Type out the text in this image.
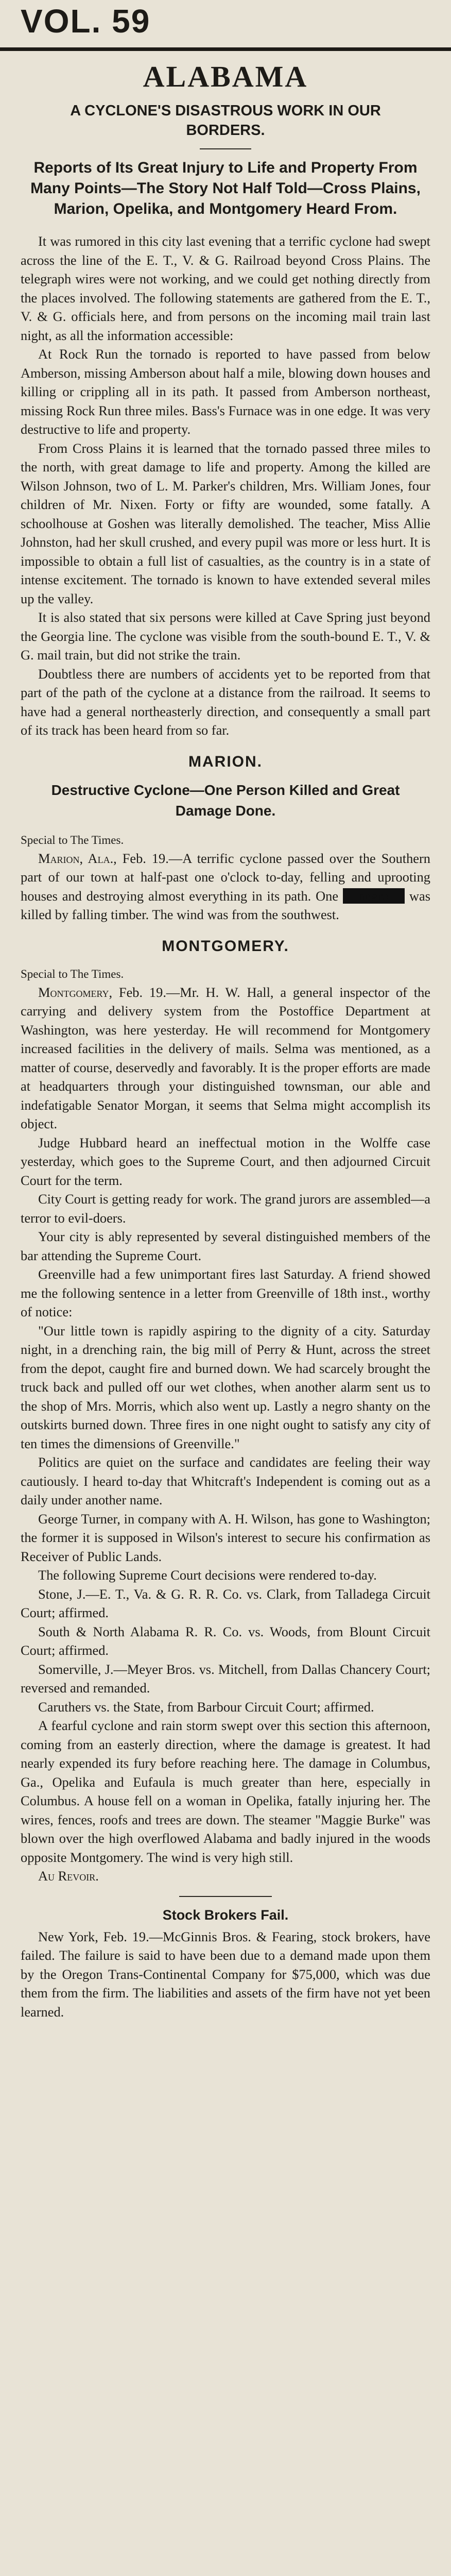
VOL. 59
ALABAMA
A CYCLONE'S DISASTROUS WORK IN OUR BORDERS.
Reports of Its Great Injury to Life and Property From Many Points—The Story Not Half Told—Cross Plains, Marion, Opelika, and Montgomery Heard From.

It was rumored in this city last evening that a terrific cyclone had swept across the line of the E. T., V. & G. Railroad beyond Cross Plains. The telegraph wires were not working, and we could get nothing directly from the places involved. The following statements are gathered from the E. T., V. & G. officials here, and from persons on the incoming mail train last night, as all the information accessible:

At Rock Run the tornado is reported to have passed from below Amberson, missing Amberson about half a mile, blowing down houses and killing or crippling all in its path. It passed from Amberson northeast, missing Rock Run three miles. Bass's Furnace was in one edge. It was very destructive to life and property.

From Cross Plains it is learned that the tornado passed three miles to the north, with great damage to life and property. Among the killed are Wilson Johnson, two of L. M. Parker's children, Mrs. William Jones, four children of Mr. Nixen. Forty or fifty are wounded, some fatally. A schoolhouse at Goshen was literally demolished. The teacher, Miss Allie Johnston, had her skull crushed, and every pupil was more or less hurt. It is impossible to obtain a full list of casualties, as the country is in a state of intense excitement. The tornado is known to have extended several miles up the valley.

It is also stated that six persons were killed at Cave Spring just beyond the Georgia line. The cyclone was visible from the south-bound E. T., V. & G. mail train, but did not strike the train.

Doubtless there are numbers of accidents yet to be reported from that part of the path of the cyclone at a distance from the railroad. It seems to have had a general northeasterly direction, and consequently a small part of its track has been heard from so far.

MARION.
Destructive Cyclone—One Person Killed and Great Damage Done.
Special to The Times.

Marion, Ala., Feb. 19.—A terrific cyclone passed over the Southern part of our town at half-past one o'clock to-day, felling and uprooting houses and destroying almost everything in its path. One negro was killed by falling timber. The wind was from the southwest.

MONTGOMERY.
Special to The Times.

Montgomery, Feb. 19.—Mr. H. W. Hall, a general inspector of the carrying and delivery system from the Postoffice Department at Washington, was here yesterday. He will recommend for Montgomery increased facilities in the delivery of mails. Selma was mentioned, as a matter of course, deservedly and favorably. It is the proper efforts are made at headquarters through your distinguished townsman, our able and indefatigable Senator Morgan, it seems that Selma might accomplish its object.

Judge Hubbard heard an ineffectual motion in the Wolffe case yesterday, which goes to the Supreme Court, and then adjourned Circuit Court for the term.

City Court is getting ready for work. The grand jurors are assembled—a terror to evil-doers.

Your city is ably represented by several distinguished members of the bar attending the Supreme Court.

Greenville had a few unimportant fires last Saturday. A friend showed me the following sentence in a letter from Greenville of 18th inst., worthy of notice:

"Our little town is rapidly aspiring to the dignity of a city. Saturday night, in a drenching rain, the big mill of Perry & Hunt, across the street from the depot, caught fire and burned down. We had scarcely brought the truck back and pulled off our wet clothes, when another alarm sent us to the shop of Mrs. Morris, which also went up. Lastly a negro shanty on the outskirts burned down. Three fires in one night ought to satisfy any city of ten times the dimensions of Greenville."

Politics are quiet on the surface and candidates are feeling their way cautiously. I heard to-day that Whitcraft's Independent is coming out as a daily under another name.

George Turner, in company with A. H. Wilson, has gone to Washington; the former it is supposed in Wilson's interest to secure his confirmation as Receiver of Public Lands.

The following Supreme Court decisions were rendered to-day.

Stone, J.—E. T., Va. & G. R. R. Co. vs. Clark, from Talladega Circuit Court; affirmed.

South & North Alabama R. R. Co. vs. Woods, from Blount Circuit Court; affirmed.

Somerville, J.—Meyer Bros. vs. Mitchell, from Dallas Chancery Court; reversed and remanded.

Caruthers vs. the State, from Barbour Circuit Court; affirmed.

A fearful cyclone and rain storm swept over this section this afternoon, coming from an easterly direction, where the damage is greatest. It had nearly expended its fury before reaching here. The damage in Columbus, Ga., Opelika and Eufaula is much greater than here, especially in Columbus. A house fell on a woman in Opelika, fatally injuring her. The wires, fences, roofs and trees are down. The steamer "Maggie Burke" was blown over the high overflowed Alabama and badly injured in the woods opposite Montgomery. The wind is very high still.

Au Revoir.

Stock Brokers Fail.

New York, Feb. 19.—McGinnis Bros. & Fearing, stock brokers, have failed. The failure is said to have been due to a demand made upon them by the Oregon Trans-Continental Company for $75,000, which was due them from the firm. The liabilities and assets of the firm have not yet been learned.
